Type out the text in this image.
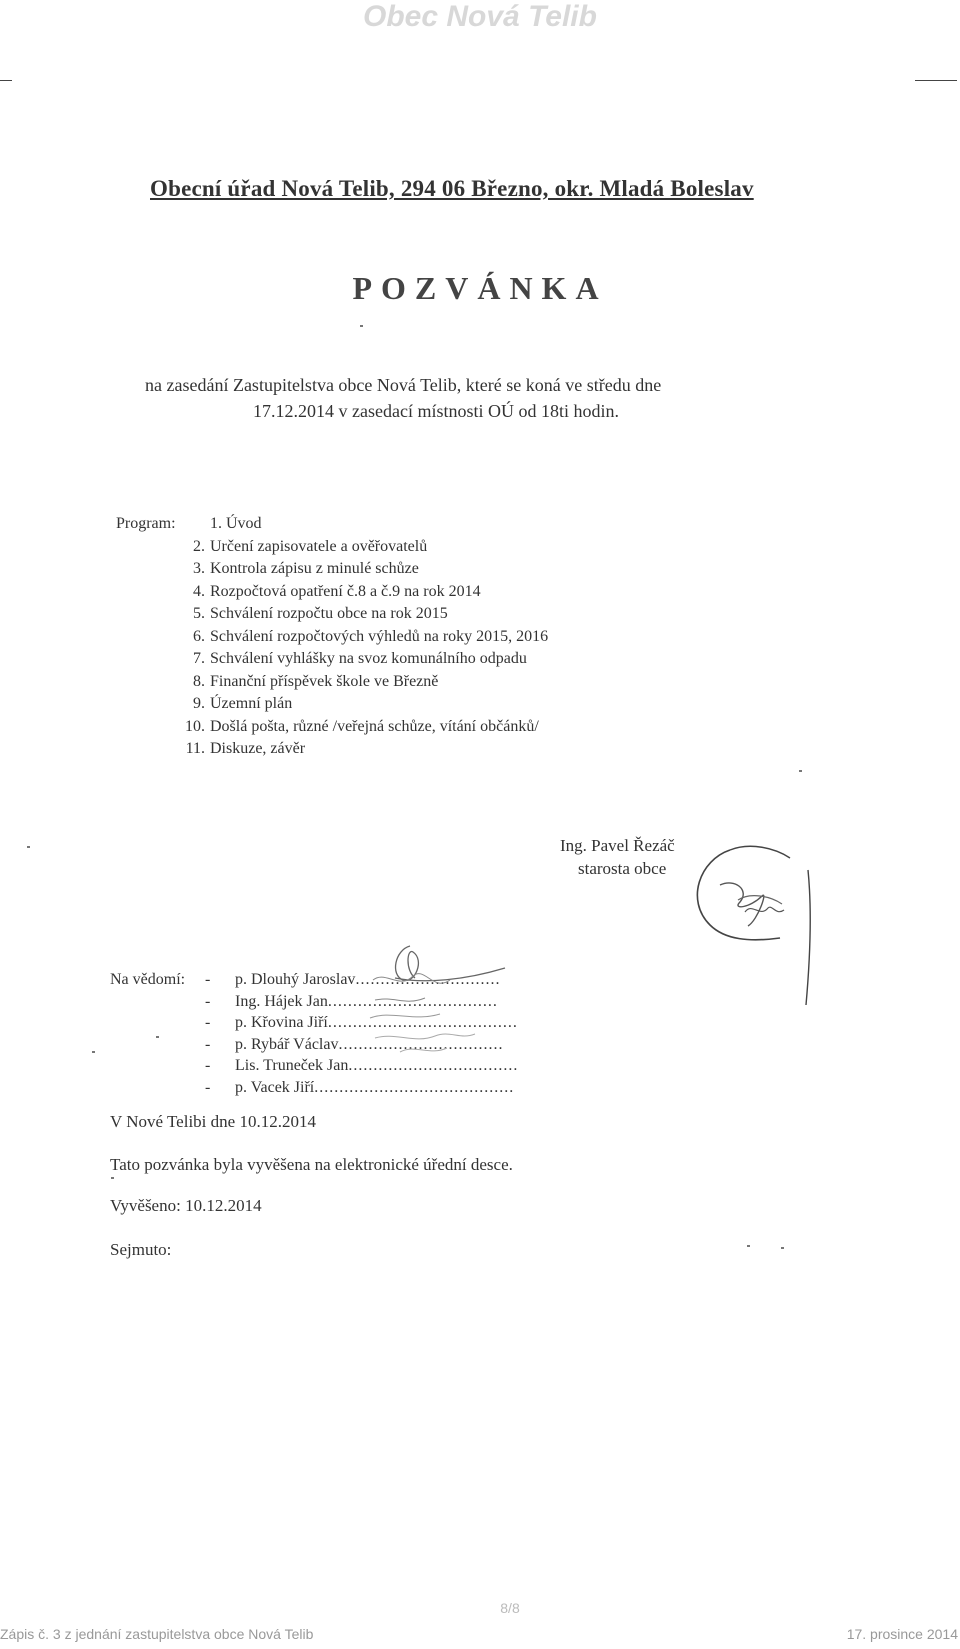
Obec Nová Telib
Obecní úřad Nová Telib, 294 06 Březno, okr. Mladá Boleslav
POZVÁNKA
na zasedání Zastupitelstva obce Nová Telib, které se koná ve středu dne
17.12.2014 v zasedací místnosti OÚ od 18ti hodin.
Program: 1. Úvod
2. Určení zapisovatele a ověřovatelů
3. Kontrola zápisu z minulé schůze
4. Rozpočtová opatření č.8 a č.9 na rok 2014
5. Schválení rozpočtu obce na rok 2015
6. Schválení rozpočtových výhledů na roky 2015, 2016
7. Schválení vyhlášky na svoz komunálního odpadu
8. Finanční příspěvek škole ve Březně
9. Územní plán
10. Došlá pošta, různé /veřejná schůze, vítání občánků/
11. Diskuze, závěr
Ing. Pavel Řezáč
starosta obce
Na vědomí: - p. Dlouhý Jaroslav.............................
- Ing. Hájek Jan..................................
- p. Křovina Jiří......................................
- p. Rybář Václav.................................
- Lis. Truneček Jan..................................
- p. Vacek Jiří........................................
V Nové Telibi dne 10.12.2014
Tato pozvánka byla vyvěšena na elektronické úřední desce.
Vyvěšeno: 10.12.2014
Sejmuto:
8/8
Zápis č. 3 z jednání zastupitelstva obce Nová Telib	17. prosince 2014
